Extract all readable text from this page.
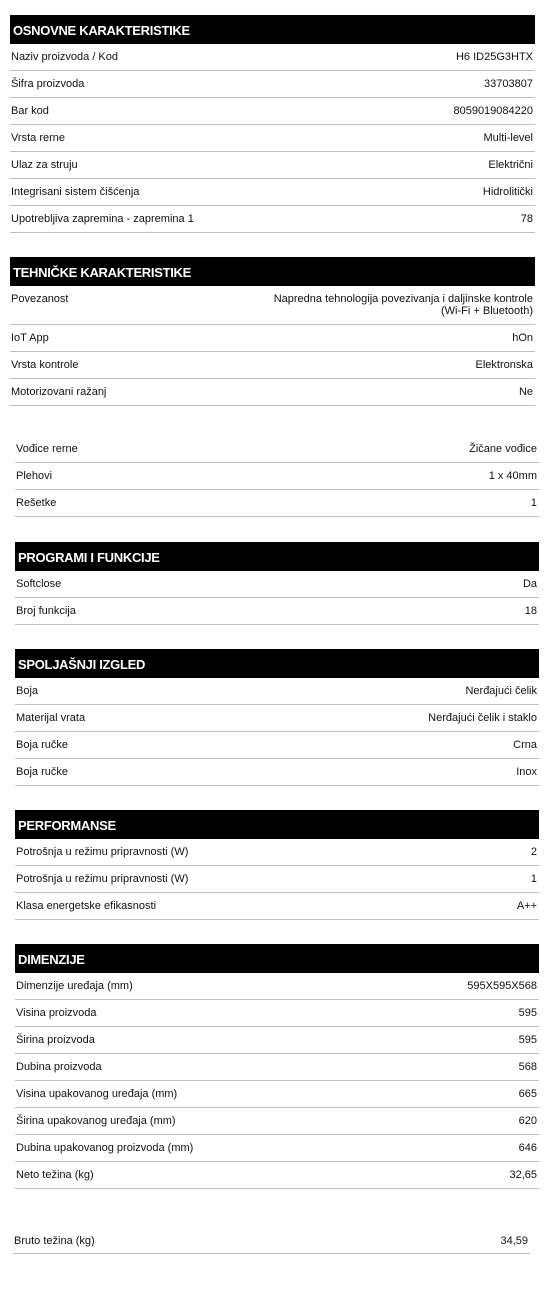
OSNOVNE KARAKTERISTIKE
Naziv proizvoda / Kod	H6 ID25G3HTX
Šifra proizvoda	33703807
Bar kod	8059019084220
Vrsta rerne	Multi-level
Ulaz za struju	Električni
Integrisani sistem čišćenja	Hidrolitički
Upotrebljiva zapremina - zapremina 1	78
TEHNIČKE KARAKTERISTIKE
Povezanost	Napredna tehnologija povezivanja i daljinske kontrole (Wi-Fi + Bluetooth)
IoT App	hOn
Vrsta kontrole	Elektronska
Motorizovani ražanj	Ne
Vođice rerne	Žičane vođice
Plehovi	1 x 40mm
Rešetke	1
PROGRAMI I FUNKCIJE
Softclose	Da
Broj funkcija	18
SPOLJAŠNJI IZGLED
Boja	Nerđajući čelik
Materijal vrata	Nerđajući čelik i staklo
Boja ručke	Crna
Boja ručke	Inox
PERFORMANSE
Potrošnja u režimu pripravnosti (W)	2
Potrošnja u režimu pripravnosti (W)	1
Klasa energetske efikasnosti	A++
DIMENZIJE
Dimenzije uređaja (mm)	595X595X568
Visina proizvoda	595
Širina proizvoda	595
Dubina proizvoda	568
Visina upakovanog uređaja (mm)	665
Širina upakovanog uređaja (mm)	620
Dubina upakovanog proizvoda (mm)	646
Neto težina (kg)	32,65
Bruto težina (kg)	34,59
